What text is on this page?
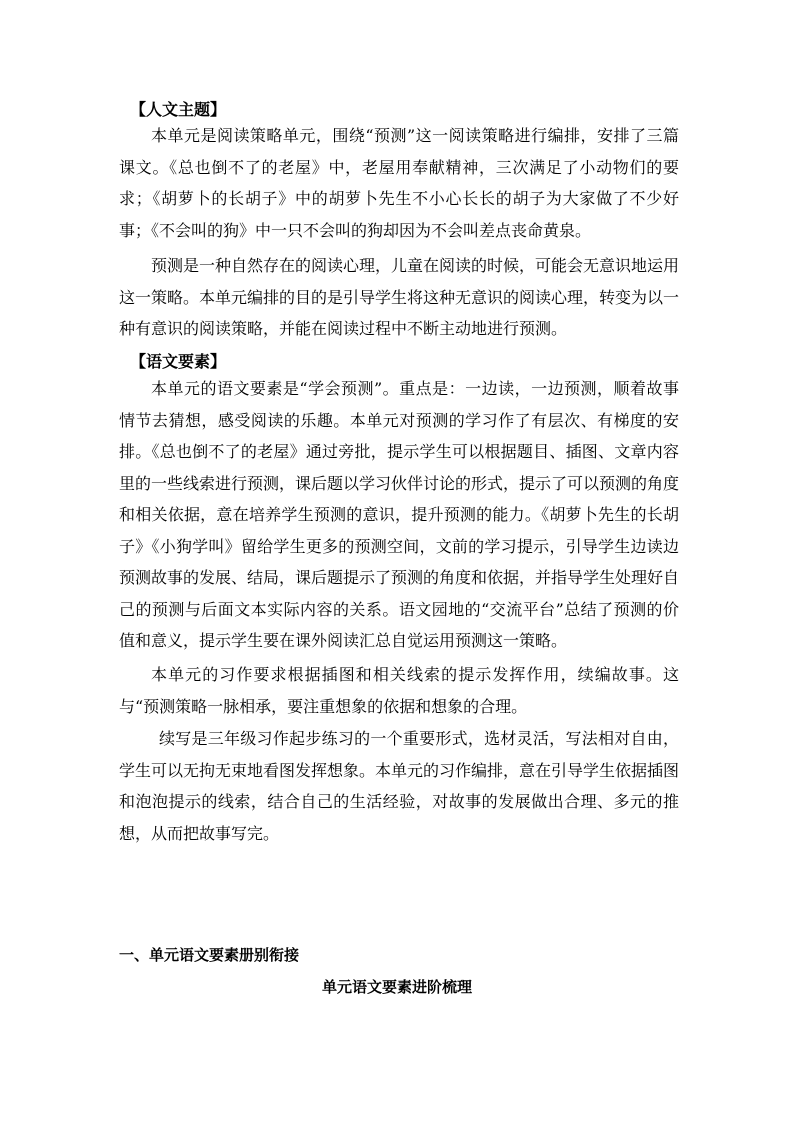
【人文主题】

本单元是阅读策略单元，围绕“预测”这一阅读策略进行编排，安排了三篇课文。《总也倒不了的老屋》中，老屋用奉献精神，三次满足了小动物们的要求；《胡萝卜的长胡子》中的胡萝卜先生不小心长长的胡子为大家做了不少好事；《不会叫的狗》中一只不会叫的狗却因为不会叫差点丧命黄泉。

预测是一种自然存在的阅读心理，儿童在阅读的时候，可能会无意识地运用这一策略。本单元编排的目的是引导学生将这种无意识的阅读心理，转变为以一种有意识的阅读策略，并能在阅读过程中不断主动地进行预测。

【语文要素】

本单元的语文要素是“学会预测”。重点是：一边读，一边预测，顺着故事情节去猜想，感受阅读的乐趣。本单元对预测的学习作了有层次、有梯度的安排。《总也倒不了的老屋》通过旁批，提示学生可以根据题目、插图、文章内容里的一些线索进行预测，课后题以学习伙伴讨论的形式，提示了可以预测的角度和相关依据，意在培养学生预测的意识，提升预测的能力。《胡萝卜先生的长胡子》《小狗学叫》留给学生更多的预测空间，文前的学习提示，引导学生边读边预测故事的发展、结局，课后题提示了预测的角度和依据，并指导学生处理好自己的预测与后面文本实际内容的关系。语文园地的“交流平台”总结了预测的价值和意义，提示学生要在课外阅读汇总自觉运用预测这一策略。

本单元的习作要求根据插图和相关线索的提示发挥作用，续编故事。这与“预测策略一脉相承，要注重想象的依据和想象的合理。

续写是三年级习作起步练习的一个重要形式，选材灵活，写法相对自由，学生可以无拘无束地看图发挥想象。本单元的习作编排，意在引导学生依据插图和泡泡提示的线索，结合自己的生活经验，对故事的发展做出合理、多元的推想，从而把故事写完。

一、单元语文要素册别衔接
单元语文要素进阶梳理
